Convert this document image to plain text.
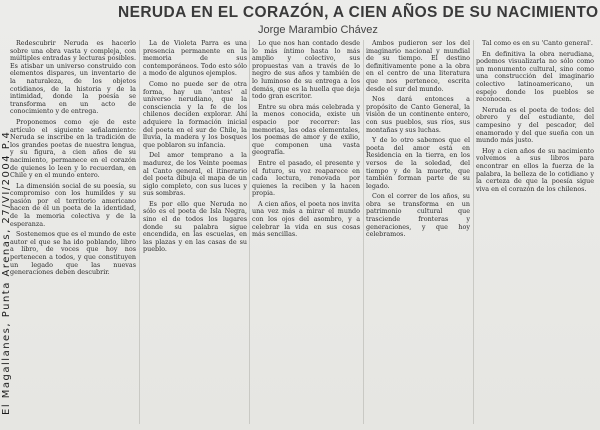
NERUDA EN EL CORAZÓN, A CIEN AÑOS DE SU NACIMIENTO
Jorge Marambio Chávez

Redescubrir Neruda es hacerlo sobre una obra vasta y compleja, con múltiples entradas y lecturas posibles. Es atisbar un universo construido con elementos dispares, un inventario de la naturaleza, de los objetos cotidianos, de la historia y de la intimidad, donde la poesía se transforma en un acto de conocimiento y de entrega.

Proponemos como eje de este artículo el siguiente señalamiento: Neruda se inscribe en la tradición de los grandes poetas de nuestra lengua, y su figura, a cien años de su nacimiento, permanece en el corazón de quienes lo leen y lo recuerdan, en Chile y en el mundo entero.

La dimensión social de su poesía, su compromiso con los humildes y su pasión por el territorio americano hacen de él un poeta de la identidad, de la memoria colectiva y de la esperanza.

Sostenemos que es el mundo de este autor el que se ha ido poblando, libro a libro, de voces que hoy nos pertenecen a todos, y que constituyen un legado que las nuevas generaciones deben descubrir.

La de Violeta Parra es una presencia permanente en la memoria de sus contemporáneos. Todo esto sólo a modo de algunos ejemplos.

Como no puede ser de otra forma, hay un 'antes' al universo nerudiano, que la consciencia y la fe de los chilenos deciden explorar. Ahí adquiere la formación inicial del poeta en el sur de Chile, la lluvia, la madera y los bosques que poblaron su infancia.

Del amor temprano a la madurez, de los Veinte poemas al Canto general, el itinerario del poeta dibuja el mapa de un siglo completo, con sus luces y sus sombras.

Es por ello que Neruda no sólo es el poeta de Isla Negra, sino el de todos los lugares donde su palabra sigue encendida, en las escuelas, en las plazas y en las casas de su pueblo.

Lo que nos han contado desde lo más íntimo hasta lo más amplio y colectivo, sus propuestas van a través de lo negro de sus años y también de lo luminoso de su entrega a los demás, que es la huella que deja todo gran escritor.

Entre su obra más celebrada y la menos conocida, existe un espacio por recorrer: las memorias, las odas elementales, los poemas de amor y de exilio, que componen una vasta geografía.

Entre el pasado, el presente y el futuro, su voz reaparece en cada lectura, renovada por quienes la reciben y la hacen propia.

A cien años, el poeta nos invita una vez más a mirar el mundo con los ojos del asombro, y a celebrar la vida en sus cosas más sencillas.

Ambos pudieron ser los del imaginario nacional y mundial de su tiempo. El destino definitivamente pone a la obra en el centro de una literatura que nos pertenece, escrita desde el sur del mundo.

Nos dará entonces a propósito de Canto General, la visión de un continente entero, con sus pueblos, sus ríos, sus montañas y sus luchas.

Y de lo otro sabemos que el poeta del amor está en Residencia en la tierra, en los versos de la soledad, del tiempo y de la muerte, que también forman parte de su legado.

Con el correr de los años, su obra se transforma en un patrimonio cultural que trasciende fronteras y generaciones, y que hoy celebramos.

Tal como es en su 'Canto general'.

En definitiva la obra nerudiana, podemos visualizarla no sólo como un monumento cultural, sino como una construcción del imaginario colectivo latinoamericano, un espejo donde los pueblos se reconocen.

Neruda es el poeta de todos: del obrero y del estudiante, del campesino y del pescador, del enamorado y del que sueña con un mundo más justo.

Hoy a cien años de su nacimiento volvemos a sus libros para encontrar en ellos la fuerza de la palabra, la belleza de lo cotidiano y la certeza de que la poesía sigue viva en el corazón de los chilenos.

El Magallanes, Punta Arenas, 27/VI/2004 P.4
